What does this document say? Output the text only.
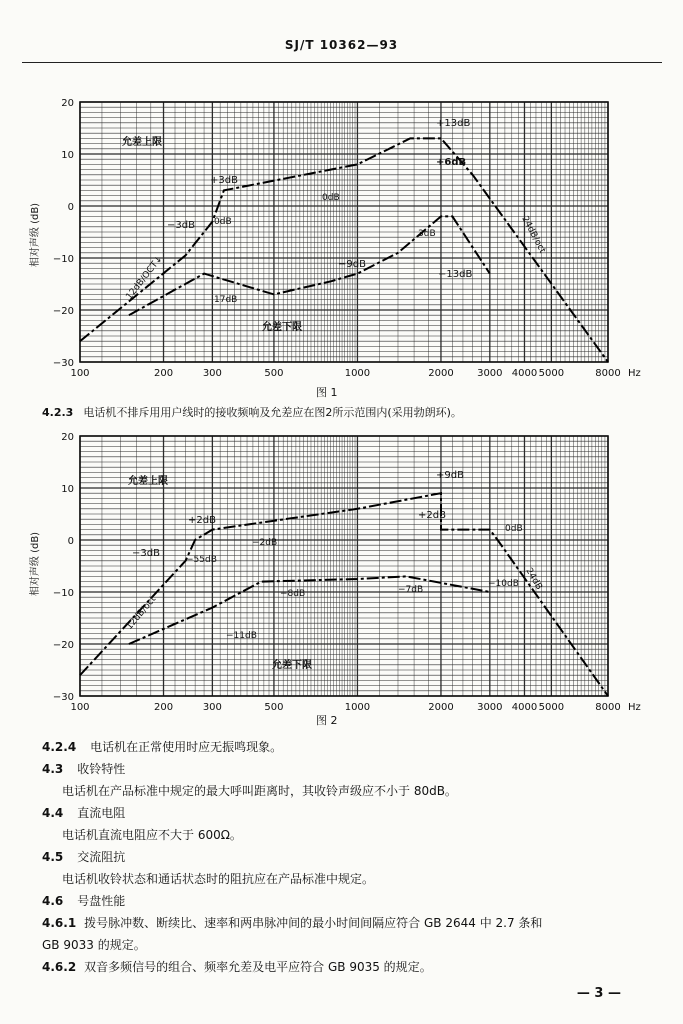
SJ/T 10362—93
相对声级 (dB)
100	200	300	500	1000	2000 3000 4000 5000	8000 Hz
20
10
0
−10
−20
−30
允差上限
允差下限
+13dB
+6dB
+3dB
0dB
0dB
−3dB
3dB
−9dB
−13dB
17dB
12dB/OCT↓
24dB/oct
图 1
4.2.3 电话机不排斥用用户线时的接收频响及允差应在图2所示范围内(采用勃朗环)。
相对声级 (dB)
100	200	300	500	1000	2000 3000 4000 5000	8000 Hz
20
10
0
−10
−20
−30
允差上限
允差下限
+9dB
+2dB	+2dB
0dB
−2dB
−3dB
−55dB
−7dB
−8dB
−10dB
−11dB
12dB/oct
24dB
图 2
4.2.4 电话机在正常使用时应无振鸣现象。
4.3 收铃特性
电话机在产品标准中规定的最大呼叫距离时，其收铃声级应不小于 80dB。
4.4 直流电阻
电话机直流电阻应不大于 600Ω。
4.5 交流阻抗
电话机收铃状态和通话状态时的阻抗应在产品标准中规定。
4.6 号盘性能
4.6.1 拨号脉冲数、断续比、速率和两串脉冲间的最小时间间隔应符合 GB 2644 中 2.7 条和
GB 9033 的规定。
4.6.2 双音多频信号的组合、频率允差及电平应符合 GB 9035 的规定。
— 3 —
